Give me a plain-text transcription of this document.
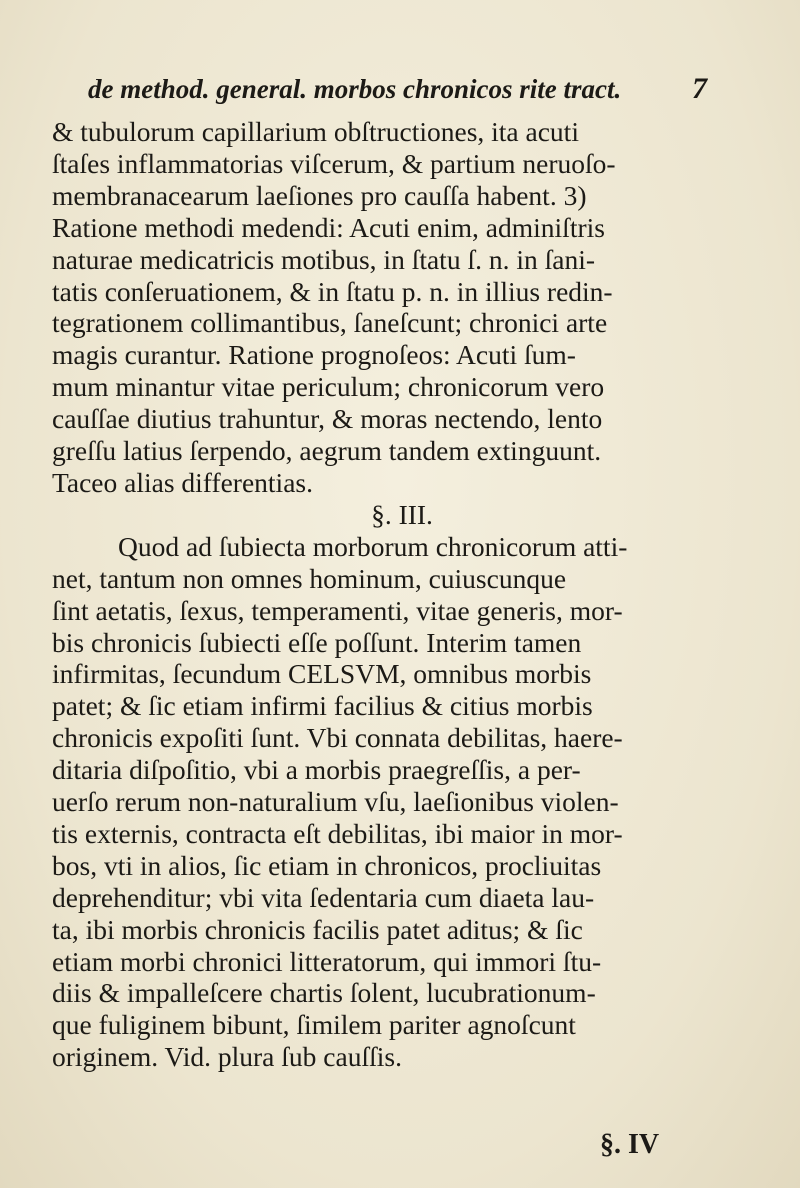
de method. general. morbos chronicos rite tract.	7
& tubulorum capillarium obſtructiones, ita acuti
ſtaſes inflammatorias viſcerum, & partium neruoſo-
membranacearum laeſiones pro cauſſa habent. 3)
Ratione methodi medendi: Acuti enim, adminiſtris
naturae medicatricis motibus, in ſtatu ſ. n. in ſani-
tatis conſeruationem, & in ſtatu p. n. in illius redin-
tegrationem collimantibus, ſaneſcunt; chronici arte
magis curantur. Ratione prognoſeos: Acuti ſum-
mum minantur vitae periculum; chronicorum vero
cauſſae diutius trahuntur, & moras nectendo, lento
greſſu latius ſerpendo, aegrum tandem extinguunt.
Taceo alias differentias.
§. III.
Quod ad ſubiecta morborum chronicorum atti-
net, tantum non omnes hominum, cuiuscunque
ſint aetatis, ſexus, temperamenti, vitae generis, mor-
bis chronicis ſubiecti eſſe poſſunt. Interim tamen
infirmitas, ſecundum CELSVM, omnibus morbis
patet; & ſic etiam infirmi facilius & citius morbis
chronicis expoſiti ſunt. Vbi connata debilitas, haere-
ditaria diſpoſitio, vbi a morbis praegreſſis, a per-
uerſo rerum non-naturalium vſu, laeſionibus violen-
tis externis, contracta eſt debilitas, ibi maior in mor-
bos, vti in alios, ſic etiam in chronicos, procliuitas
deprehenditur; vbi vita ſedentaria cum diaeta lau-
ta, ibi morbis chronicis facilis patet aditus; & ſic
etiam morbi chronici litteratorum, qui immori ſtu-
diis & impalleſcere chartis ſolent, lucubrationum-
que fuliginem bibunt, ſimilem pariter agnoſcunt
originem. Vid. plura ſub cauſſis.
§. IV
